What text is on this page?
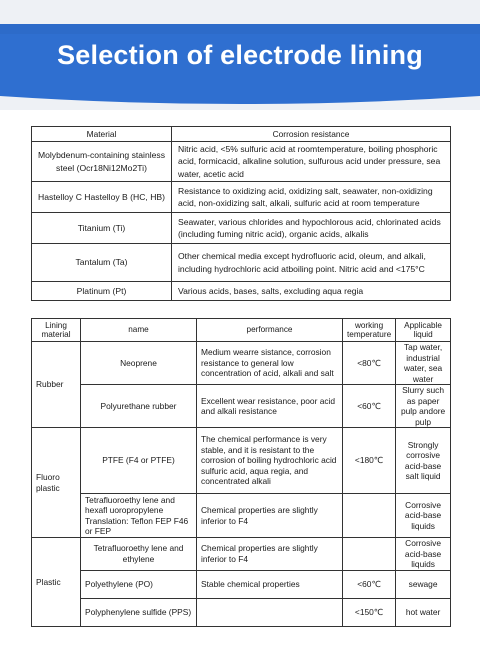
Selection of electrode lining
Material	Corrosion resistance
Molybdenum-containing stainless steel (Ocr18Ni12Mo2Ti)	Nitric acid, <5% sulfuric acid at roomtemperature, boiling phosphoric acid, formicacid, alkaline solution, sulfurous acid under pressure, sea water, acetic acid
Hastelloy C Hastelloy B (HC, HB)	Resistance to oxidizing acid, oxidizing salt, seawater, non-oxidizing acid, non-oxidizing salt, alkali, sulfuric acid at room temperature
Titanium (Ti)	Seawater, various chlorides and hypochlorous acid, chlorinated acids (including fuming nitric acid), organic acids, alkalis
Tantalum (Ta)	Other chemical media except hydrofluoric acid, oleum, and alkali, including hydrochloric acid atboiling point. Nitric acid and <175°C
Platinum (Pt)	Various acids, bases, salts, excluding aqua regia
Lining material	name	performance	working temperature	Applicable liquid
Rubber	Neoprene	Medium wearre sistance, corrosion resistance to general low concentration of acid, alkali and salt	<80℃	Tap water, industrial water, sea water
	Polyurethane rubber	Excellent wear resistance, poor acid and alkali resistance	<60℃	Slurry such as paper pulp andore pulp
Fluoro plastic	PTFE (F4 or PTFE)	The chemical performance is very stable, and it is resistant to the corrosion of boiling hydrochloric acid sulfuric acid, aqua regia, and concentrated alkali	<180℃	Strongly corrosive acid-base salt liquid
	Tetrafluoroethy lene and hexafl uoropropylene Translation: Teflon FEP F46 or FEP	Chemical properties are slightly inferior to F4		Corrosive acid-base liquids
Plastic	Tetrafluoroethy lene and ethylene	Chemical properties are slightly inferior to F4		Corrosive acid-base liquids
	Polyethylene (PO)	Stable chemical properties	<60℃	sewage
	Polyphenylene sulfide (PPS)		<150℃	hot water
